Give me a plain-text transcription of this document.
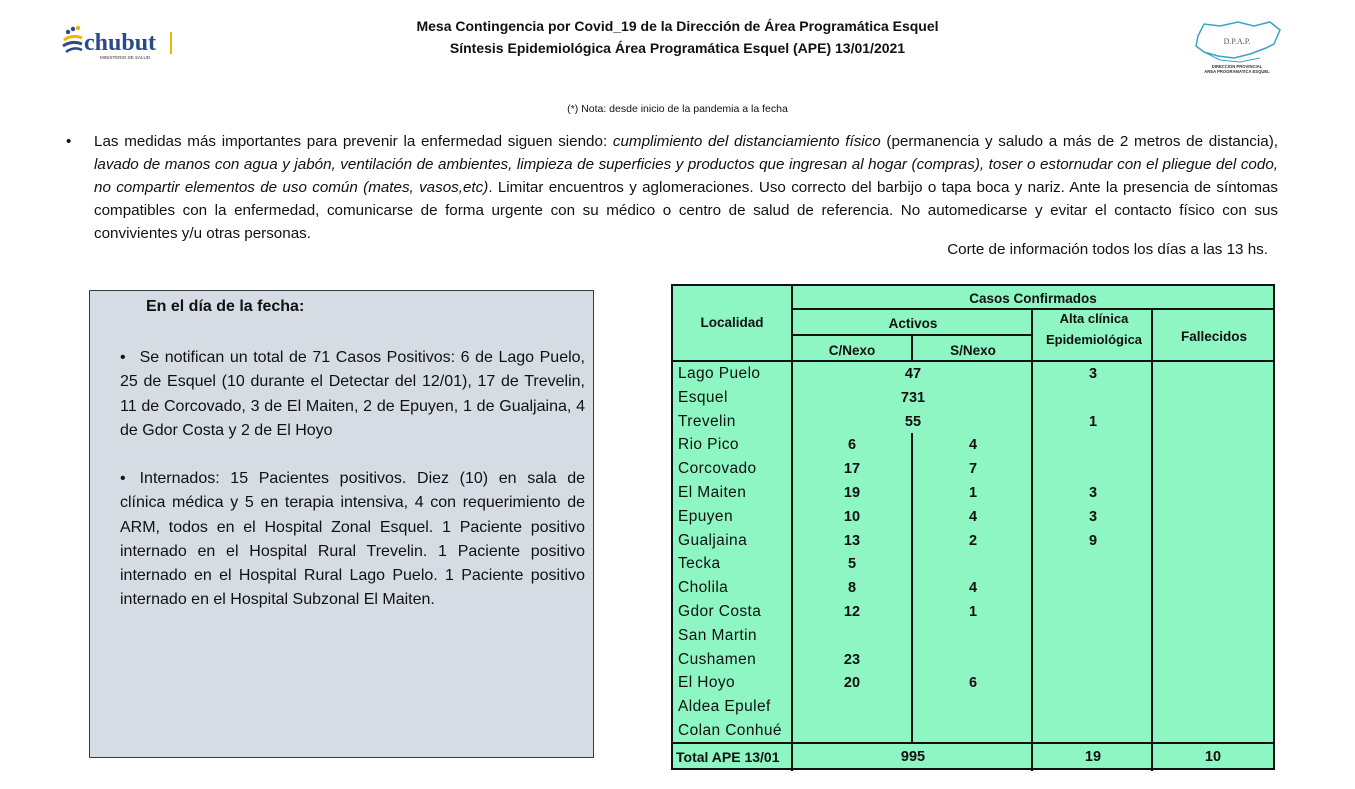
chubut
MINISTERIO DE SALUD
Mesa Contingencia por Covid_19 de la Dirección de Área Programática Esquel
Síntesis Epidemiológica Área Programática Esquel (APE) 13/01/2021	D.P.A.P.
DIRECCION PROVINCIAL
AREA PROGRAMATICA ESQUEL
(*) Nota: desde inicio de la pandemia a la fecha
• Las medidas más importantes para prevenir la enfermedad siguen siendo: cumplimiento del distanciamiento físico (permanencia y saludo a más de 2 metros de distancia), lavado de manos con agua y jabón, ventilación de ambientes, limpieza de superficies y productos que ingresan al hogar (compras), toser o estornudar con el pliegue del codo, no compartir elementos de uso común (mates, vasos,etc). Limitar encuentros y aglomeraciones. Uso correcto del barbijo o tapa boca y nariz. Ante la presencia de síntomas compatibles con la enfermedad, comunicarse de forma urgente con su médico o centro de salud de referencia. No automedicarse y evitar el contacto físico con sus convivientes y/u otras personas.
Corte de información todos los días a las 13 hs.
En el día de la fecha:
• Se notifican un total de 71 Casos Positivos: 6 de Lago Puelo, 25 de Esquel (10 durante el Detectar del 12/01), 17 de Trevelin, 11 de Corcovado, 3 de El Maiten, 2 de Epuyen, 1 de Gualjaina, 4 de Gdor Costa y 2 de El Hoyo
• Internados: 15 Pacientes positivos. Diez (10) en sala de clínica médica y 5 en terapia intensiva, 4 con requerimiento de ARM, todos en el Hospital Zonal Esquel. 1 Paciente positivo internado en el Hospital Rural Trevelin. 1 Paciente positivo internado en el Hospital Rural Lago Puelo. 1 Paciente positivo internado en el Hospital Subzonal El Maiten.
Localidad
Casos Confirmados
Activos
C/Nexo	S/Nexo
Alta clínica Epidemiológica	Fallecidos
Lago Puelo	47	3
Esquel	731
Trevelin	55	1
Rio Pico	6	4
Corcovado	17	7
El Maiten	19	1	3
Epuyen	10	4	3
Gualjaina	13	2	9
Tecka	5
Cholila	8	4
Gdor Costa	12	1
San Martin
Cushamen	23
El Hoyo	20	6
Aldea Epulef
Colan Conhué
Total APE 13/01	995	19	10
